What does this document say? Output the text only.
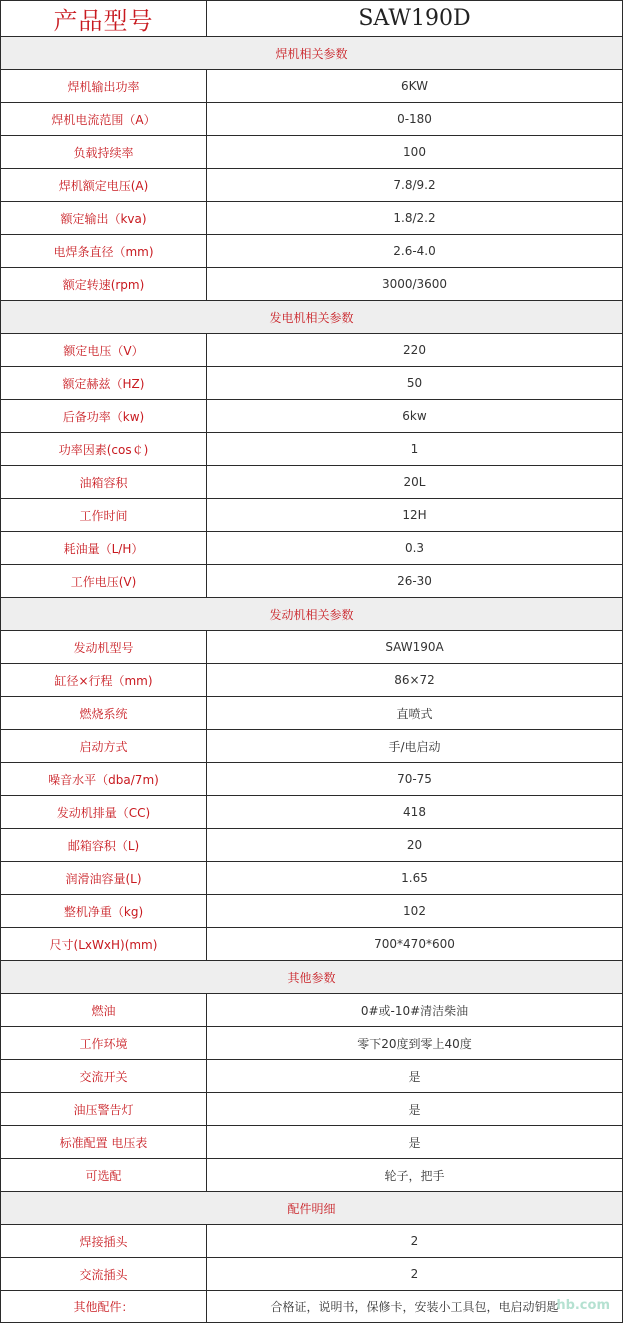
产品型号	SAW190D
焊机相关参数	
焊机输出功率	6KW
焊机电流范围（A）	0-180
负载持续率	100
焊机额定电压(A)	7.8/9.2
额定输出（kva)	1.8/2.2
电焊条直径（mm)	2.6-4.0
额定转速(rpm)	3000/3600
发电机相关参数	
额定电压（V）	220
额定赫兹（HZ)	50
后备功率（kw)	6kw
功率因素(cos￠)	1
油箱容积	20L
工作时间	12H
耗油量（L/H）	0.3
工作电压(V)	26-30
发动机相关参数	
发动机型号	SAW190A
缸径×行程（mm)	86×72
燃烧系统	直喷式
启动方式	手/电启动
噪音水平（dba/7m)	70-75
发动机排量（CC)	418
邮箱容积（L)	20
润滑油容量(L)	1.65
整机净重（kg)	102
尺寸(LxWxH)(mm)	700*470*600
其他参数	
燃油	0#或-10#清洁柴油
工作环境	零下20度到零上40度
交流开关	是
油压警告灯	是
标准配置 电压表	是
可选配	轮子，把手
配件明细	
焊接插头	2
交流插头	2
其他配件：	合格证，说明书，保修卡，安装小工具包，电启动钥匙
hb.com
